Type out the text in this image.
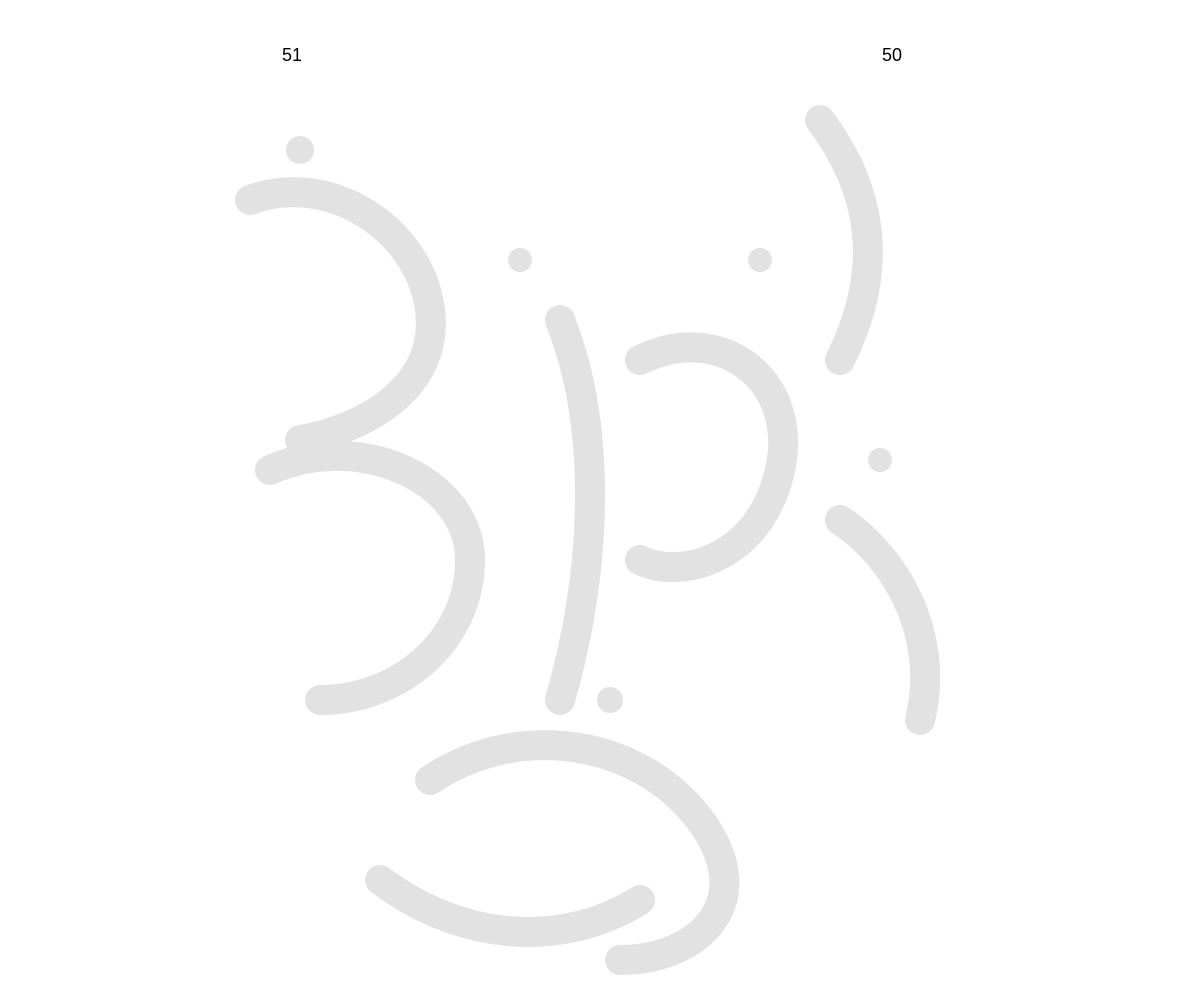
51	50
